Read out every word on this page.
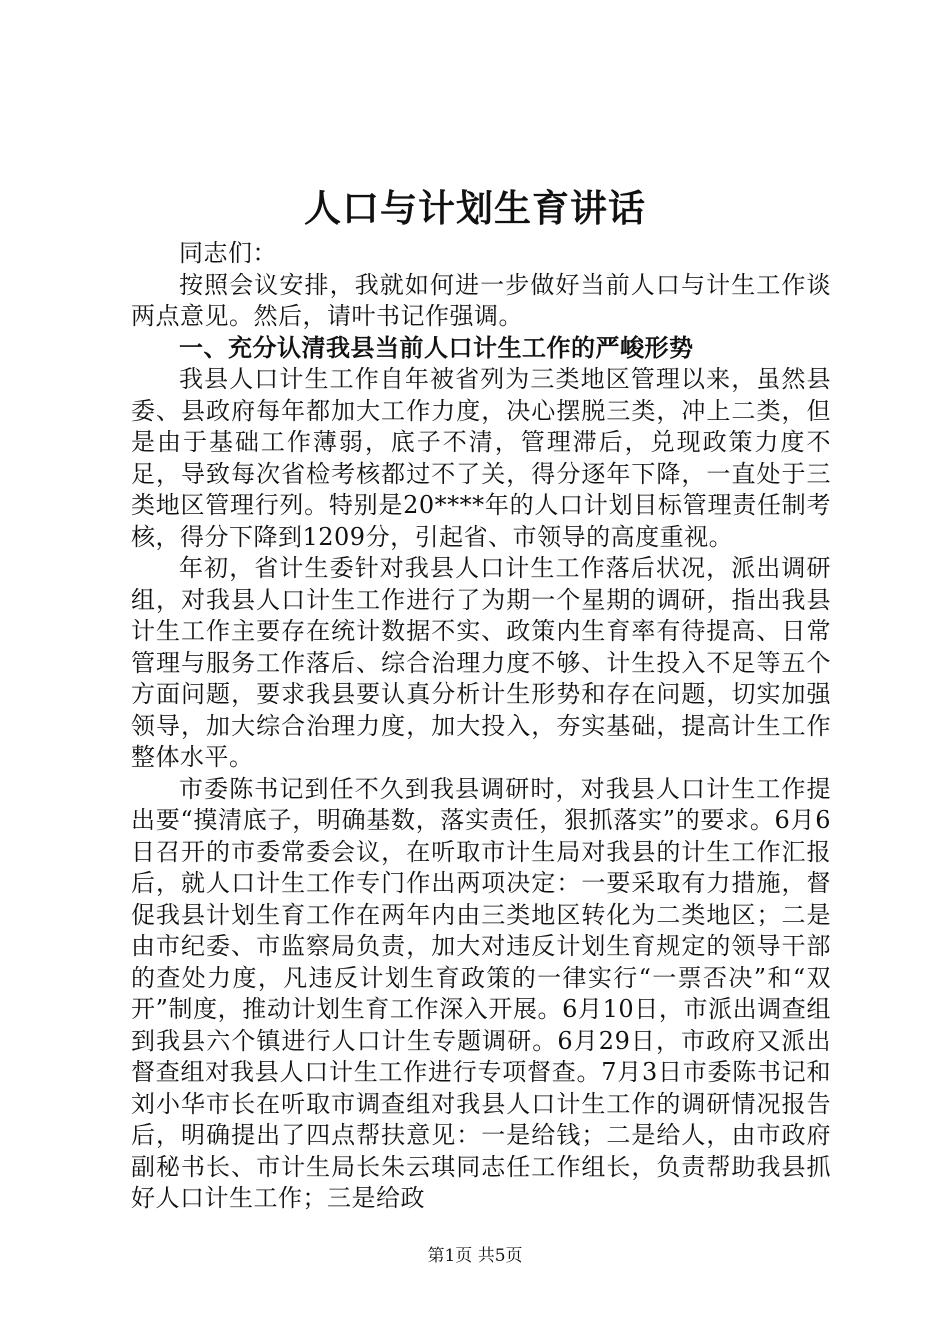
人口与计划生育讲话

同志们：

按照会议安排，我就如何进一步做好当前人口与计生工作谈两点意见。然后，请叶书记作强调。

一、充分认清我县当前人口计生工作的严峻形势

我县人口计生工作自年被省列为三类地区管理以来，虽然县委、县政府每年都加大工作力度，决心摆脱三类，冲上二类，但是由于基础工作薄弱，底子不清，管理滞后，兑现政策力度不足，导致每次省检考核都过不了关，得分逐年下降，一直处于三类地区管理行列。特别是20****年的人口计划目标管理责任制考核，得分下降到1209分，引起省、市领导的高度重视。

年初，省计生委针对我县人口计生工作落后状况，派出调研组，对我县人口计生工作进行了为期一个星期的调研，指出我县计生工作主要存在统计数据不实、政策内生育率有待提高、日常管理与服务工作落后、综合治理力度不够、计生投入不足等五个方面问题，要求我县要认真分析计生形势和存在问题，切实加强领导，加大综合治理力度，加大投入，夯实基础，提高计生工作整体水平。

市委陈书记到任不久到我县调研时，对我县人口计生工作提出要“摸清底子，明确基数，落实责任，狠抓落实”的要求。6月6日召开的市委常委会议，在听取市计生局对我县的计生工作汇报后，就人口计生工作专门作出两项决定：一要采取有力措施，督促我县计划生育工作在两年内由三类地区转化为二类地区；二是由市纪委、市监察局负责，加大对违反计划生育规定的领导干部的查处力度，凡违反计划生育政策的一律实行“一票否决”和“双开”制度，推动计划生育工作深入开展。6月10日，市派出调查组到我县六个镇进行人口计生专题调研。6月29日，市政府又派出督查组对我县人口计生工作进行专项督查。7月3日市委陈书记和刘小华市长在听取市调查组对我县人口计生工作的调研情况报告后，明确提出了四点帮扶意见：一是给钱；二是给人，由市政府副秘书长、市计生局长朱云琪同志任工作组长，负责帮助我县抓好人口计生工作；三是给政

第1页 共5页
